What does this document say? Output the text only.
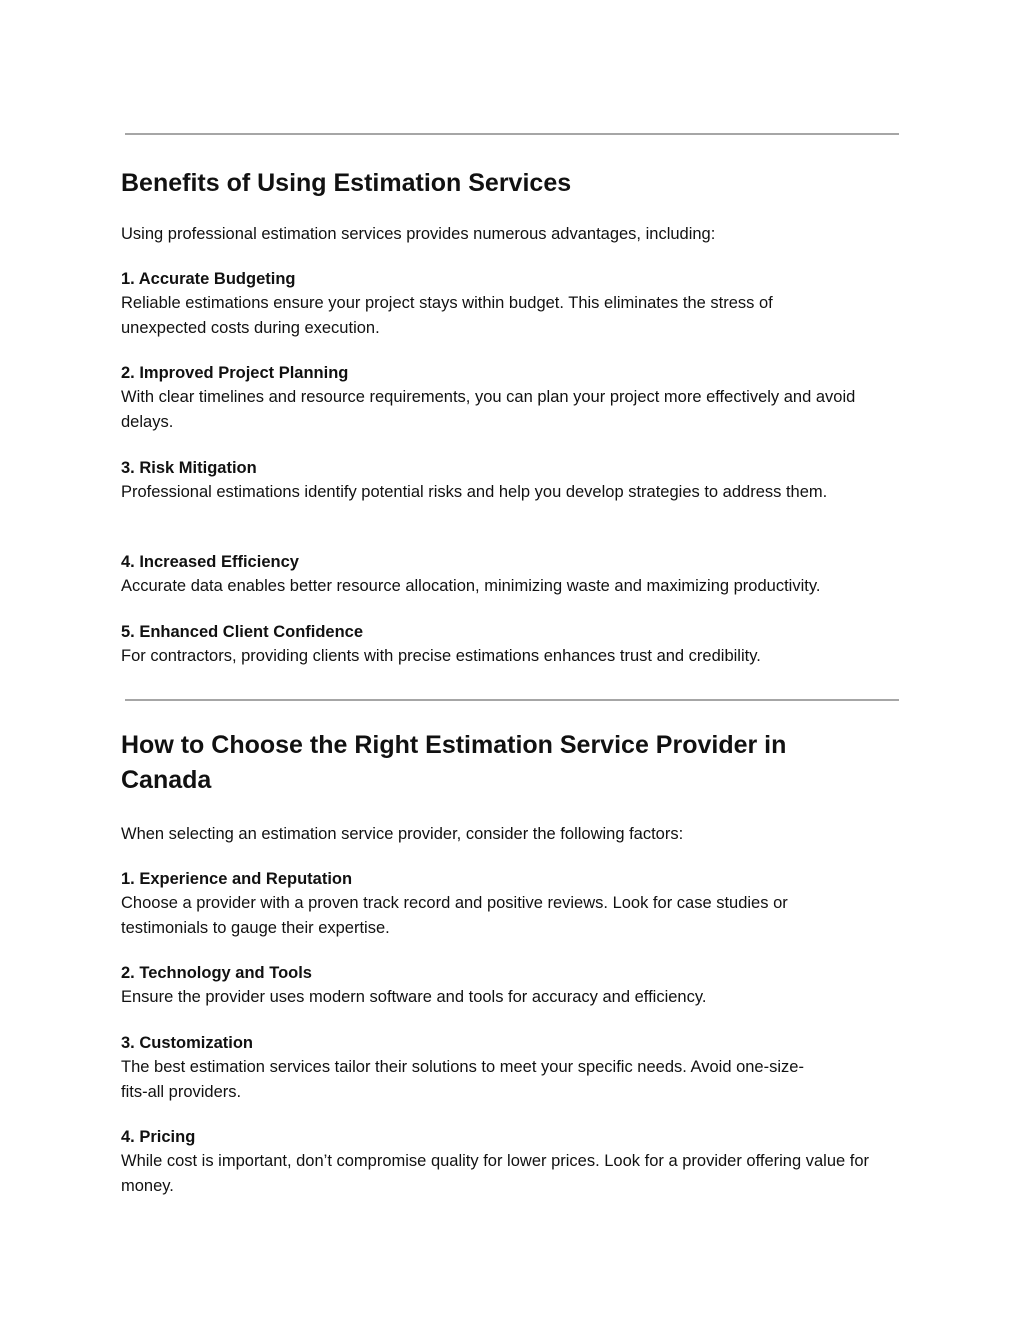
Benefits of Using Estimation Services

Using professional estimation services provides numerous advantages, including:

1. Accurate Budgeting
Reliable estimations ensure your project stays within budget. This eliminates the stress of unexpected costs during execution.
2. Improved Project Planning
With clear timelines and resource requirements, you can plan your project more effectively and avoid delays.
3. Risk Mitigation
Professional estimations identify potential risks and help you develop strategies to address them.
4. Increased Efficiency
Accurate data enables better resource allocation, minimizing waste and maximizing productivity.
5. Enhanced Client Confidence
For contractors, providing clients with precise estimations enhances trust and credibility.
How to Choose the Right Estimation Service Provider in Canada

When selecting an estimation service provider, consider the following factors:

1. Experience and Reputation
Choose a provider with a proven track record and positive reviews. Look for case studies or testimonials to gauge their expertise.
2. Technology and Tools
Ensure the provider uses modern software and tools for accuracy and efficiency.
3. Customization
The best estimation services tailor their solutions to meet your specific needs. Avoid one-size-fits-all providers.
4. Pricing
While cost is important, don’t compromise quality for lower prices. Look for a provider offering value for money.
